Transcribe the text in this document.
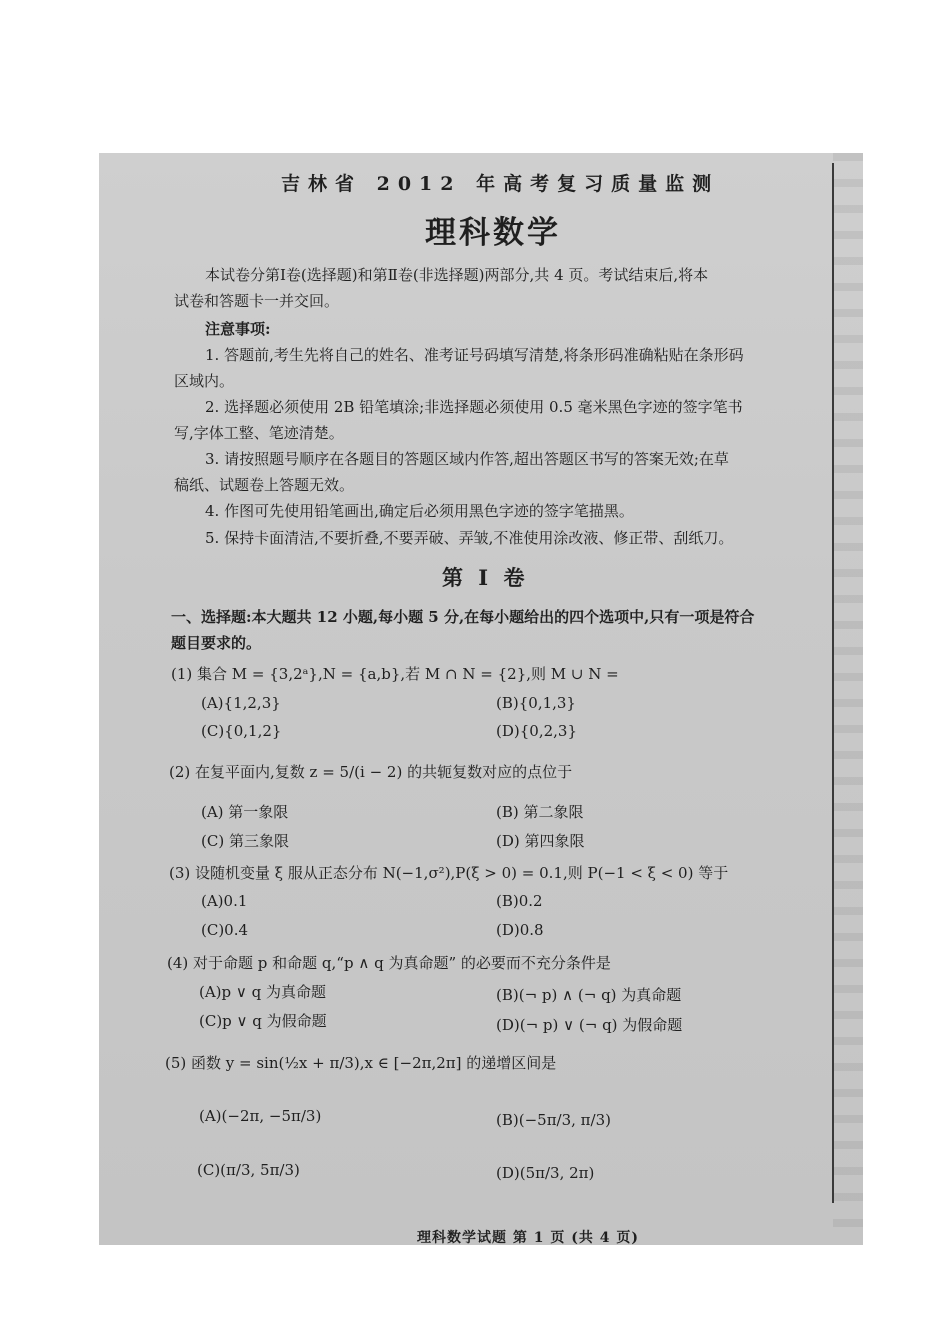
吉林省 2012 年高考复习质量监测
理科数学
本试卷分第Ⅰ卷(选择题)和第Ⅱ卷(非选择题)两部分,共 4 页。考试结束后,将本
试卷和答题卡一并交回。
注意事项:
1. 答题前,考生先将自己的姓名、准考证号码填写清楚,将条形码准确粘贴在条形码
区域内。
2. 选择题必须使用 2B 铅笔填涂;非选择题必须使用 0.5 毫米黑色字迹的签字笔书
写,字体工整、笔迹清楚。
3. 请按照题号顺序在各题目的答题区域内作答,超出答题区书写的答案无效;在草
稿纸、试题卷上答题无效。
4. 作图可先使用铅笔画出,确定后必须用黑色字迹的签字笔描黑。
5. 保持卡面清洁,不要折叠,不要弄破、弄皱,不准使用涂改液、修正带、刮纸刀。
第 Ⅰ 卷
一、选择题:本大题共 12 小题,每小题 5 分,在每小题给出的四个选项中,只有一项是符合
题目要求的。
(1) 集合 M = {3,2ᵃ},N = {a,b},若 M ∩ N = {2},则 M ∪ N =
(A){1,2,3}	(B){0,1,3}
(C){0,1,2}	(D){0,2,3}
(2) 在复平面内,复数 z = 5/(i − 2) 的共轭复数对应的点位于
(A) 第一象限	(B) 第二象限
(C) 第三象限	(D) 第四象限
(3) 设随机变量 ξ 服从正态分布 N(−1,σ²),P(ξ > 0) = 0.1,则 P(−1 < ξ < 0) 等于
(A)0.1	(B)0.2
(C)0.4	(D)0.8
(4) 对于命题 p 和命题 q,“p ∧ q 为真命题” 的必要而不充分条件是
(A)p ∨ q 为真命题	(B)(¬ p) ∧ (¬ q) 为真命题
(C)p ∨ q 为假命题	(D)(¬ p) ∨ (¬ q) 为假命题
(5) 函数 y = sin(½x + π/3),x ∈ [−2π,2π] 的递增区间是
(A)(−2π, −5π/3)	(B)(−5π/3, π/3)
(C)(π/3, 5π/3)	(D)(5π/3, 2π)
理科数学试题 第 1 页 (共 4 页)
